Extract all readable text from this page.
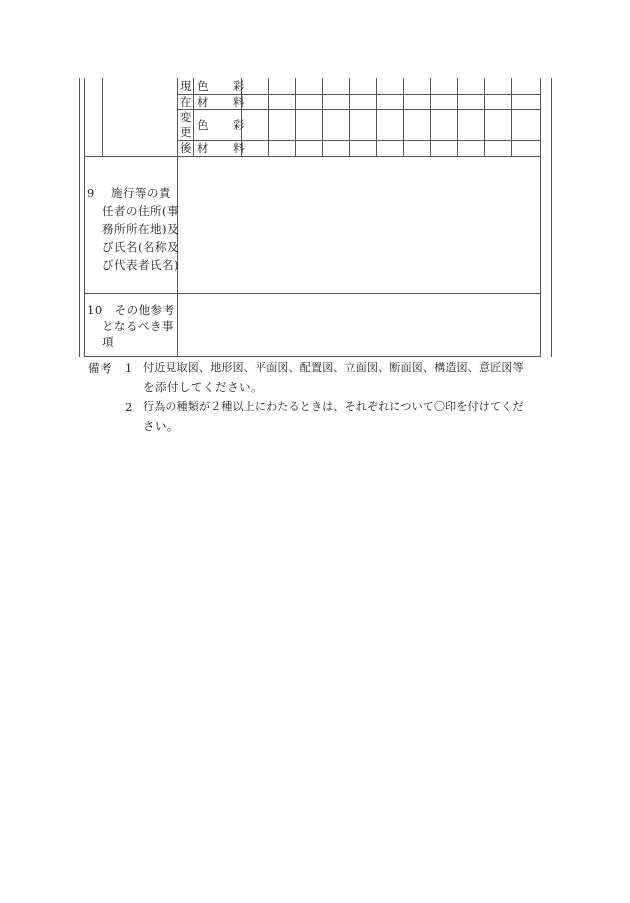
現
在
変
更
後
色　　彩
材　　料
色　　彩
材　　料
9　 施行等の責
任者の住所(事
務所所在地)及
び氏名(名称及
び代表者氏名)
10　その他参考
となるべき事
項
備考 1 付近見取図、地形図、平面図、配置図、立面図、断面図、構造図、意匠図等
を添付してください。
2 行為の種類が２種以上にわたるときは、それぞれについて〇印を付けてくだ
さい。
